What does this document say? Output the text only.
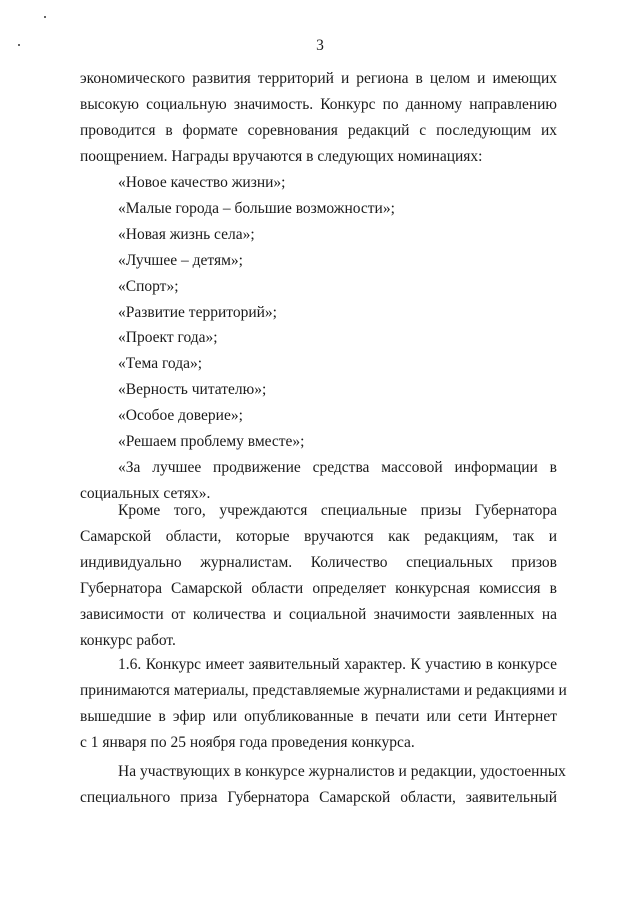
3
экономического развития территорий и региона в целом и имеющих
высокую социальную значимость. Конкурс по данному направлению
проводится в формате соревнования редакций с последующим их
поощрением. Награды вручаются в следующих номинациях:
«Новое качество жизни»;
«Малые города – большие возможности»;
«Новая жизнь села»;
«Лучшее – детям»;
«Спорт»;
«Развитие территорий»;
«Проект года»;
«Тема года»;
«Верность читателю»;
«Особое доверие»;
«Решаем проблему вместе»;
«За лучшее продвижение средства массовой информации в
социальных сетях».
Кроме того, учреждаются специальные призы Губернатора
Самарской области, которые вручаются как редакциям, так и
индивидуально журналистам. Количество специальных призов
Губернатора Самарской области определяет конкурсная комиссия в
зависимости от количества и социальной значимости заявленных на
конкурс работ.
1.6. Конкурс имеет заявительный характер. К участию в конкурсе
принимаются материалы, представляемые журналистами и редакциями и
вышедшие в эфир или опубликованные в печати или сети Интернет
с 1 января по 25 ноября года проведения конкурса.
На участвующих в конкурсе журналистов и редакции, удостоенных
специального приза Губернатора Самарской области, заявительный
